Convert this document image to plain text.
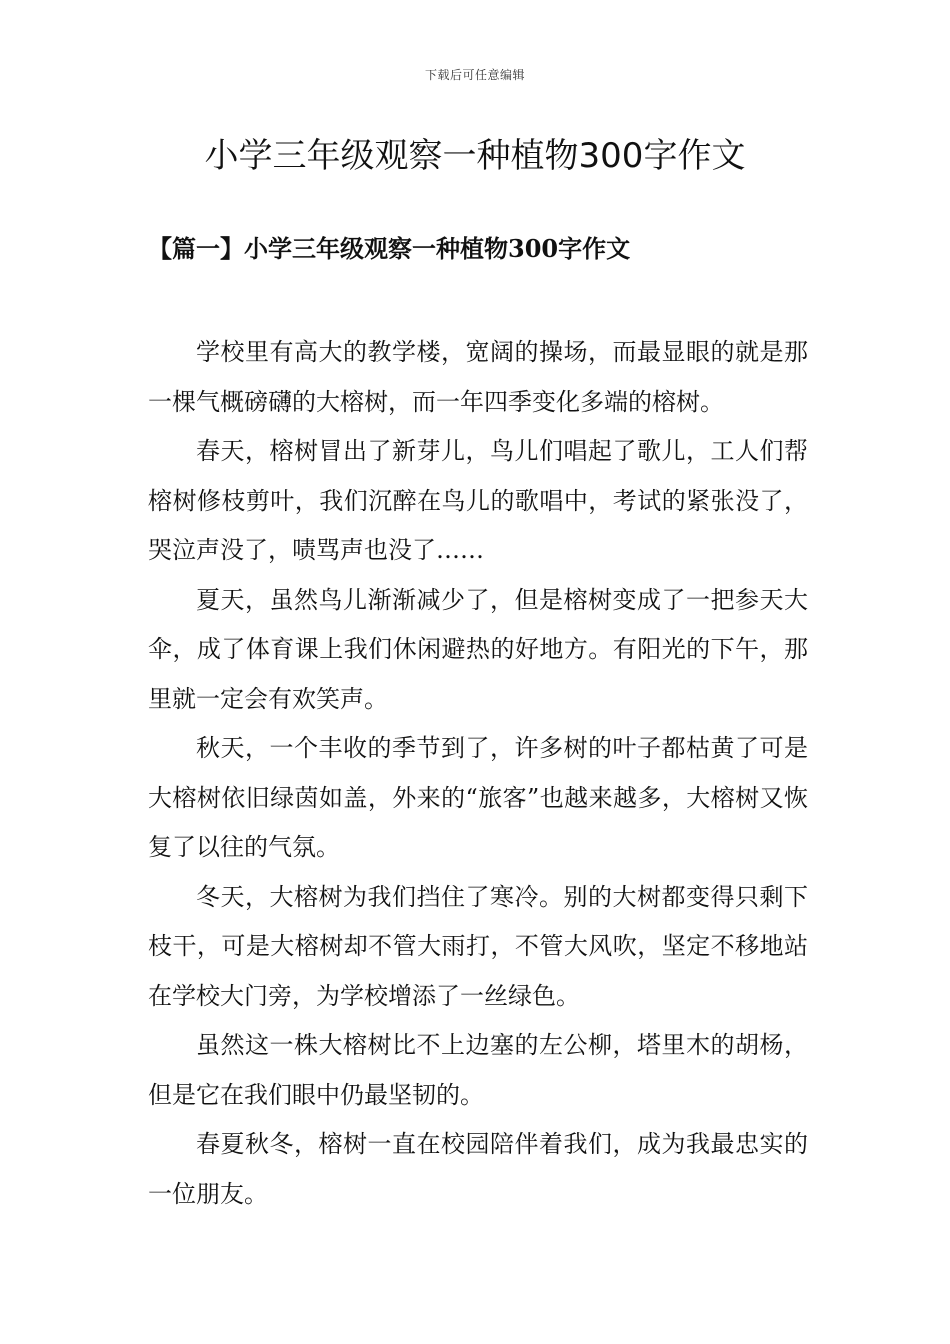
下载后可任意编辑
小学三年级观察一种植物300字作文
【篇一】小学三年级观察一种植物300字作文

学校里有高大的教学楼，宽阔的操场，而最显眼的就是那一棵气概磅礴的大榕树，而一年四季变化多端的榕树。

春天，榕树冒出了新芽儿，鸟儿们唱起了歌儿，工人们帮榕树修枝剪叶，我们沉醉在鸟儿的歌唱中，考试的紧张没了，哭泣声没了，啧骂声也没了……

夏天，虽然鸟儿渐渐减少了，但是榕树变成了一把参天大伞，成了体育课上我们休闲避热的好地方。有阳光的下午，那里就一定会有欢笑声。

秋天，一个丰收的季节到了，许多树的叶子都枯黄了可是大榕树依旧绿茵如盖，外来的“旅客”也越来越多，大榕树又恢复了以往的气氛。

冬天，大榕树为我们挡住了寒冷。别的大树都变得只剩下枝干，可是大榕树却不管大雨打，不管大风吹，坚定不移地站在学校大门旁，为学校增添了一丝绿色。

虽然这一株大榕树比不上边塞的左公柳，塔里木的胡杨，但是它在我们眼中仍最坚韧的。

春夏秋冬，榕树一直在校园陪伴着我们，成为我最忠实的一位朋友。
